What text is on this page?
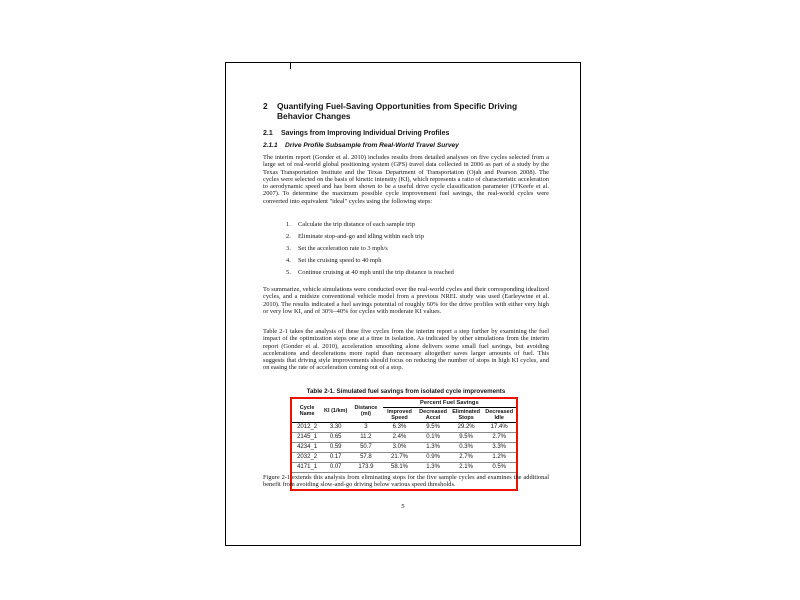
2	Quantifying Fuel-Saving Opportunities from Specific Driving Behavior Changes
2.1	Savings from Improving Individual Driving Profiles
2.1.1	Drive Profile Subsample from Real-World Travel Survey
The interim report (Gonder et al. 2010) includes results from detailed analyses on five cycles selected from a large set of real-world global positioning system (GPS) travel data collected in 2006 as part of a study by the Texas Transportation Institute and the Texas Department of Transportation (Ojah and Pearson 2008). The cycles were selected on the basis of kinetic intensity (KI), which represents a ratio of characteristic acceleration to aerodynamic speed and has been shown to be a useful drive cycle classification parameter (O'Keefe et al. 2007). To determine the maximum possible cycle improvement fuel savings, the real-world cycles were converted into equivalent "ideal" cycles using the following steps:
1.	Calculate the trip distance of each sample trip
2.	Eliminate stop-and-go and idling within each trip
3.	Set the acceleration rate to 3 mph/s
4.	Set the cruising speed to 40 mph
5.	Continue cruising at 40 mph until the trip distance is reached
To summarize, vehicle simulations were conducted over the real-world cycles and their corresponding idealized cycles, and a midsize conventional vehicle model from a previous NREL study was used (Earleywine et al. 2010). The results indicated a fuel savings potential of roughly 60% for the drive profiles with either very high or very low KI, and of 30%–40% for cycles with moderate KI values.
Table 2-1 takes the analysis of these five cycles from the interim report a step further by examining the fuel impact of the optimization steps one at a time in isolation. As indicated by other simulations from the interim report (Gonder et al. 2010), acceleration smoothing alone delivers some small fuel savings, but avoiding accelerations and decelerations more rapid than necessary altogether saves larger amounts of fuel. This suggests that driving style improvements should focus on reducing the number of stops in high KI cycles, and on easing the rate of acceleration coming out of a stop.
Table 2-1. Simulated fuel savings from isolated cycle improvements
Cycle Name	KI (1/km)	Distance (mi)	Percent Fuel Savings			
			Improved Speed	Decreased Accel	Eliminated Stops	Decreased Idle
2012_2	3.30	3	6.3%	9.5%	29.2%	17.4%
2145_1	0.65	11.2	2.4%	0.1%	9.5%	2.7%
4234_1	0.59	50.7	3.0%	1.3%	0.3%	3.3%
2032_2	0.17	57.8	21.7%	0.9%	2.7%	1.2%
4171_1	0.07	173.9	58.1%	1.3%	2.1%	0.5%
Figure 2-1 extends this analysis from eliminating stops for the five sample cycles and examines the additional benefit from avoiding slow-and-go driving below various speed thresholds.
5
